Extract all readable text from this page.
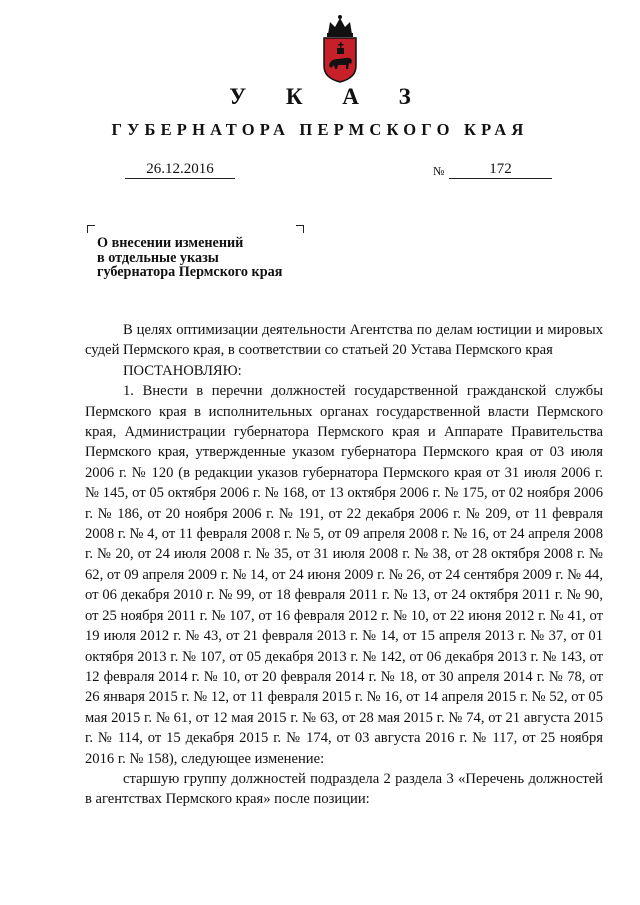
У К А З
ГУБЕРНАТОРА ПЕРМСКОГО КРАЯ
26.12.2016	№	172
О внесении изменений
в отдельные указы
губернатора Пермского края

В целях оптимизации деятельности Агентства по делам юстиции и мировых судей Пермского края, в соответствии со статьей 20 Устава Пермского края

ПОСТАНОВЛЯЮ:

1. Внести в перечни должностей государственной гражданской службы Пермского края в исполнительных органах государственной власти Пермского края, Администрации губернатора Пермского края и Аппарате Правительства Пермского края, утвержденные указом губернатора Пермского края от 03 июля 2006 г. № 120 (в редакции указов губернатора Пермского края от 31 июля 2006 г. № 145, от 05 октября 2006 г. № 168, от 13 октября 2006 г. № 175, от 02 ноября 2006 г. № 186, от 20 ноября 2006 г. № 191, от 22 декабря 2006 г. № 209, от 11 февраля 2008 г. № 4, от 11 февраля 2008 г. № 5, от 09 апреля 2008 г. № 16, от 24 апреля 2008 г. № 20, от 24 июля 2008 г. № 35, от 31 июля 2008 г. № 38, от 28 октября 2008 г. № 62, от 09 апреля 2009 г. № 14, от 24 июня 2009 г. № 26, от 24 сентября 2009 г. № 44, от 06 декабря 2010 г. № 99, от 18 февраля 2011 г. № 13, от 24 октября 2011 г. № 90, от 25 ноября 2011 г. № 107, от 16 февраля 2012 г. № 10, от 22 июня 2012 г. № 41, от 19 июля 2012 г. № 43, от 21 февраля 2013 г. № 14, от 15 апреля 2013 г. № 37, от 01 октября 2013 г. № 107, от 05 декабря 2013 г. № 142, от 06 декабря 2013 г. № 143, от 12 февраля 2014 г. № 10, от 20 февраля 2014 г. № 18, от 30 апреля 2014 г. № 78, от 26 января 2015 г. № 12, от 11 февраля 2015 г. № 16, от 14 апреля 2015 г. № 52, от 05 мая 2015 г. № 61, от 12 мая 2015 г. № 63, от 28 мая 2015 г. № 74, от 21 августа 2015 г. № 114, от 15 декабря 2015 г. № 174, от 03 августа 2016 г. № 117, от 25 ноября 2016 г. № 158), следующее изменение:

старшую группу должностей подраздела 2 раздела 3 «Перечень должностей в агентствах Пермского края» после позиции:
